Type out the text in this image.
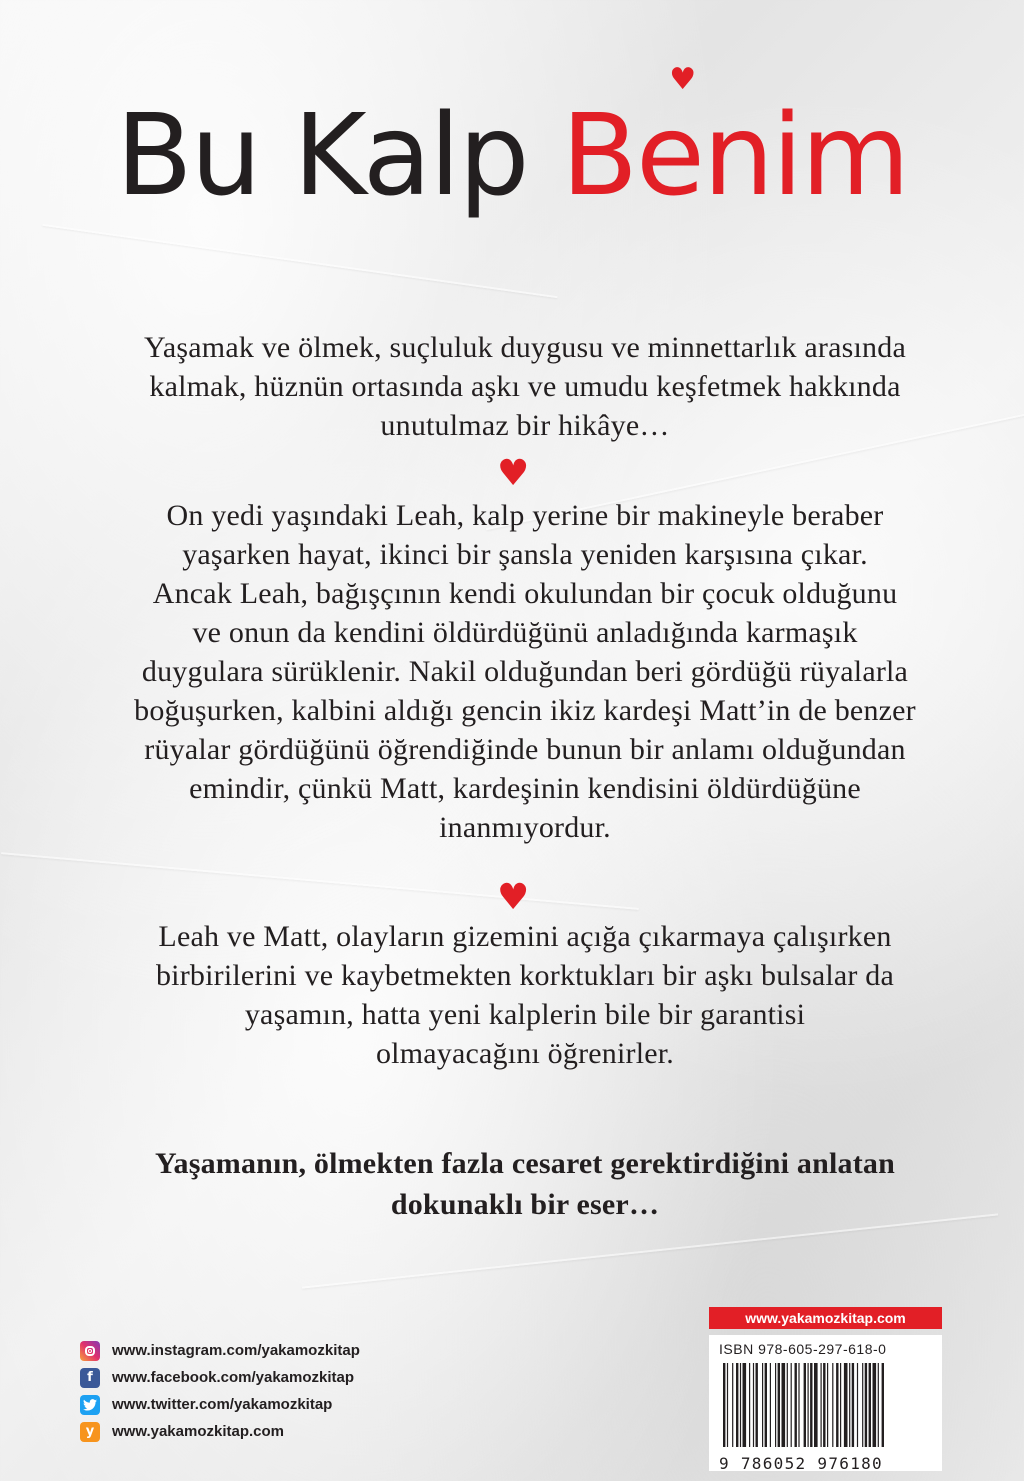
Bu Kalp
♥
Benim
Yaşamak ve ölmek, suçluluk duygusu ve minnettarlık arasında
kalmak, hüznün ortasında aşkı ve umudu keşfetmek hakkında
unutulmaz bir hikâye…
♥
On yedi yaşındaki Leah, kalp yerine bir makineyle beraber
yaşarken hayat, ikinci bir şansla yeniden karşısına çıkar.
Ancak Leah, bağışçının kendi okulundan bir çocuk olduğunu
ve onun da kendini öldürdüğünü anladığında karmaşık
duygulara sürüklenir. Nakil olduğundan beri gördüğü rüyalarla
boğuşurken, kalbini aldığı gencin ikiz kardeşi Matt’in de benzer
rüyalar gördüğünü öğrendiğinde bunun bir anlamı olduğundan
emindir, çünkü Matt, kardeşinin kendisini öldürdüğüne
inanmıyordur.
♥
Leah ve Matt, olayların gizemini açığa çıkarmaya çalışırken
birbirilerini ve kaybetmekten korktukları bir aşkı bulsalar da
yaşamın, hatta yeni kalplerin bile bir garantisi
olmayacağını öğrenirler.
Yaşamanın, ölmekten fazla cesaret gerektirdiğini anlatan
dokunaklı bir eser…
www.instagram.com/yakamozkitap
f	www.facebook.com/yakamozkitap
www.twitter.com/yakamozkitap
y	www.yakamozkitap.com
www.yakamozkitap.com
ISBN 978-605-297-618-0
9 786052 976180
